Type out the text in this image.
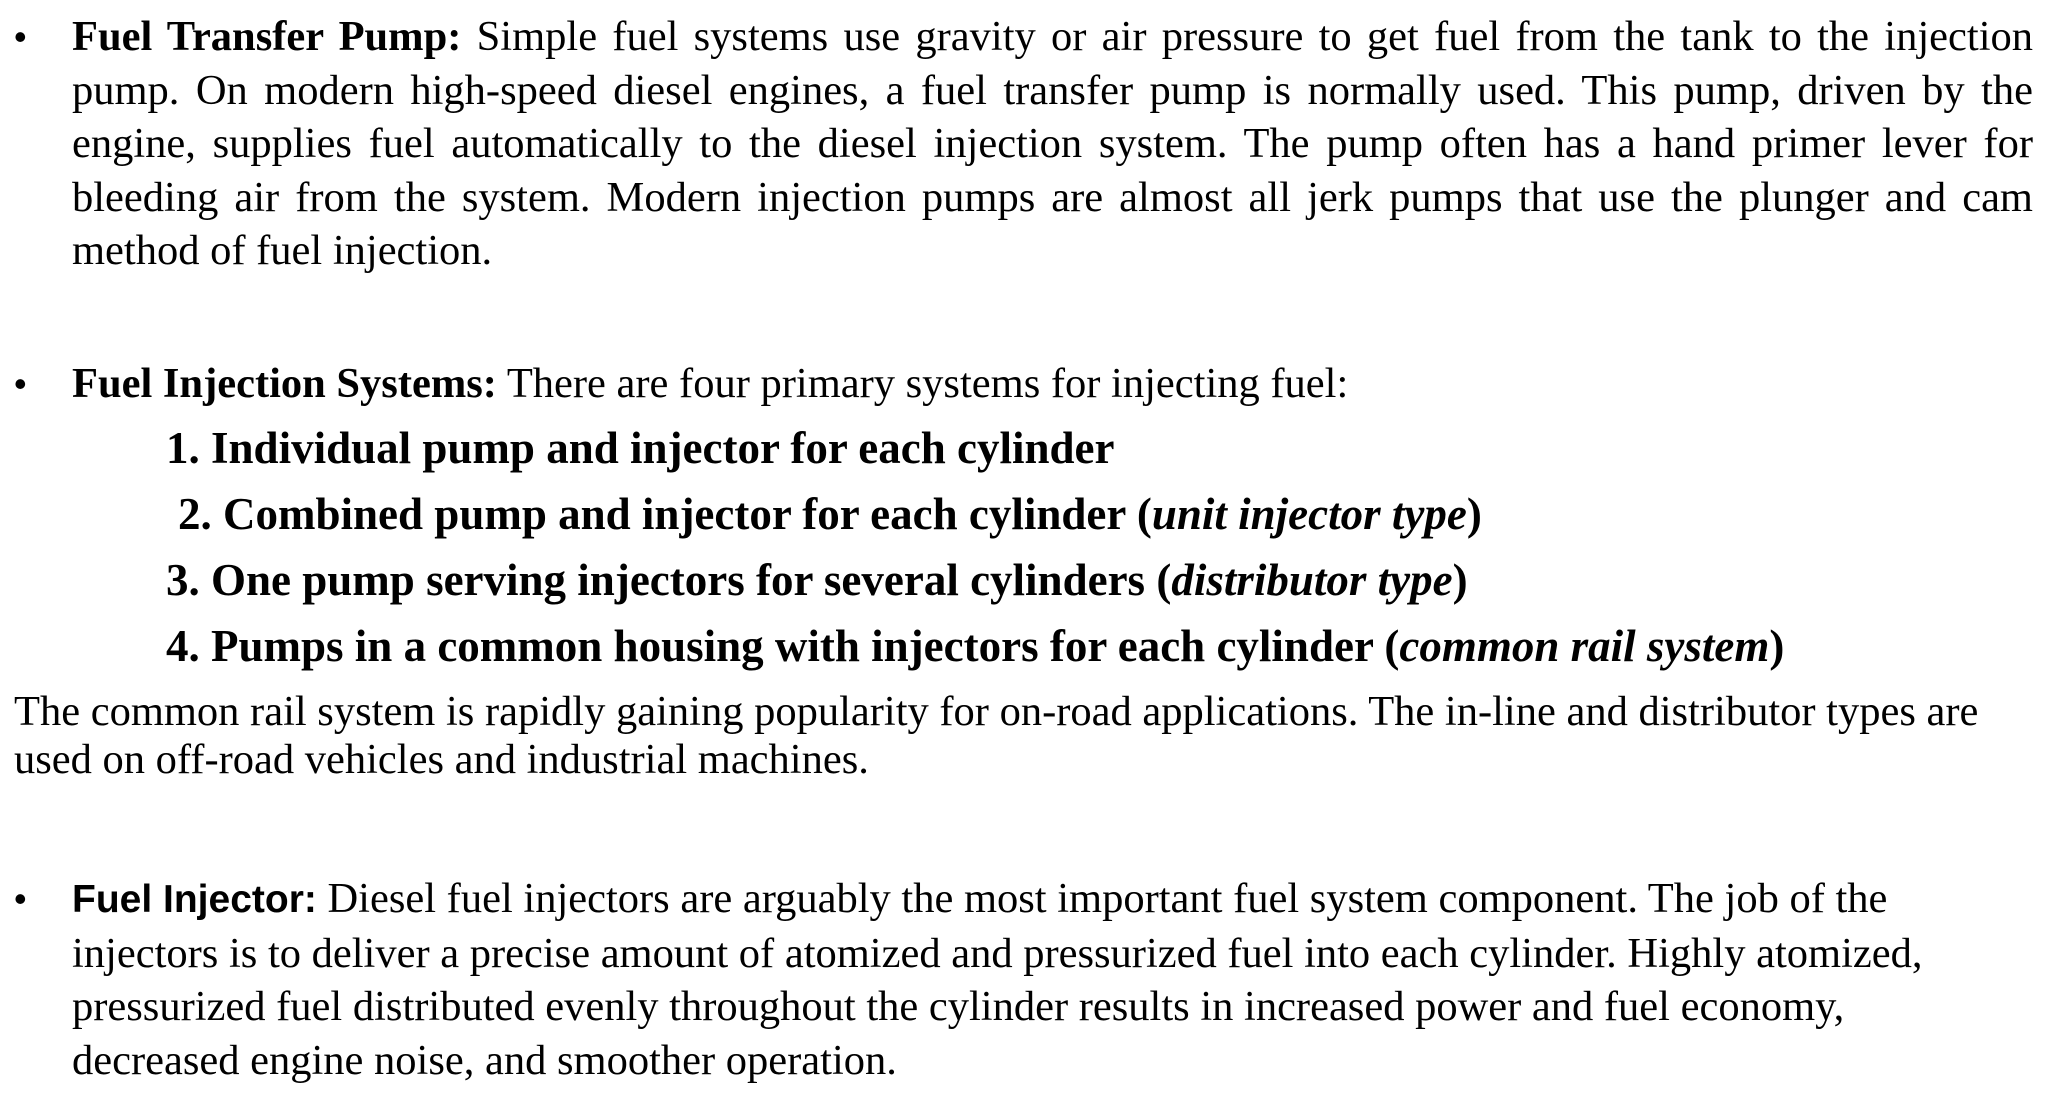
• Fuel Transfer Pump: Simple fuel systems use gravity or air pressure to get fuel from the tank to the injection pump. On modern high-speed diesel engines, a fuel transfer pump is normally used. This pump, driven by the engine, supplies fuel automatically to the diesel injection system. The pump often has a hand primer lever for bleeding air from the system. Modern injection pumps are almost all jerk pumps that use the plunger and cam method of fuel injection.
• Fuel Injection Systems: There are four primary systems for injecting fuel:
1. Individual pump and injector for each cylinder
2. Combined pump and injector for each cylinder (unit injector type)
3. One pump serving injectors for several cylinders (distributor type)
4. Pumps in a common housing with injectors for each cylinder (common rail system)
The common rail system is rapidly gaining popularity for on-road applications. The in-line and distributor types are used on off-road vehicles and industrial machines.
• Fuel Injector: Diesel fuel injectors are arguably the most important fuel system component. The job of the injectors is to deliver a precise amount of atomized and pressurized fuel into each cylinder. Highly atomized, pressurized fuel distributed evenly throughout the cylinder results in increased power and fuel economy, decreased engine noise, and smoother operation.
